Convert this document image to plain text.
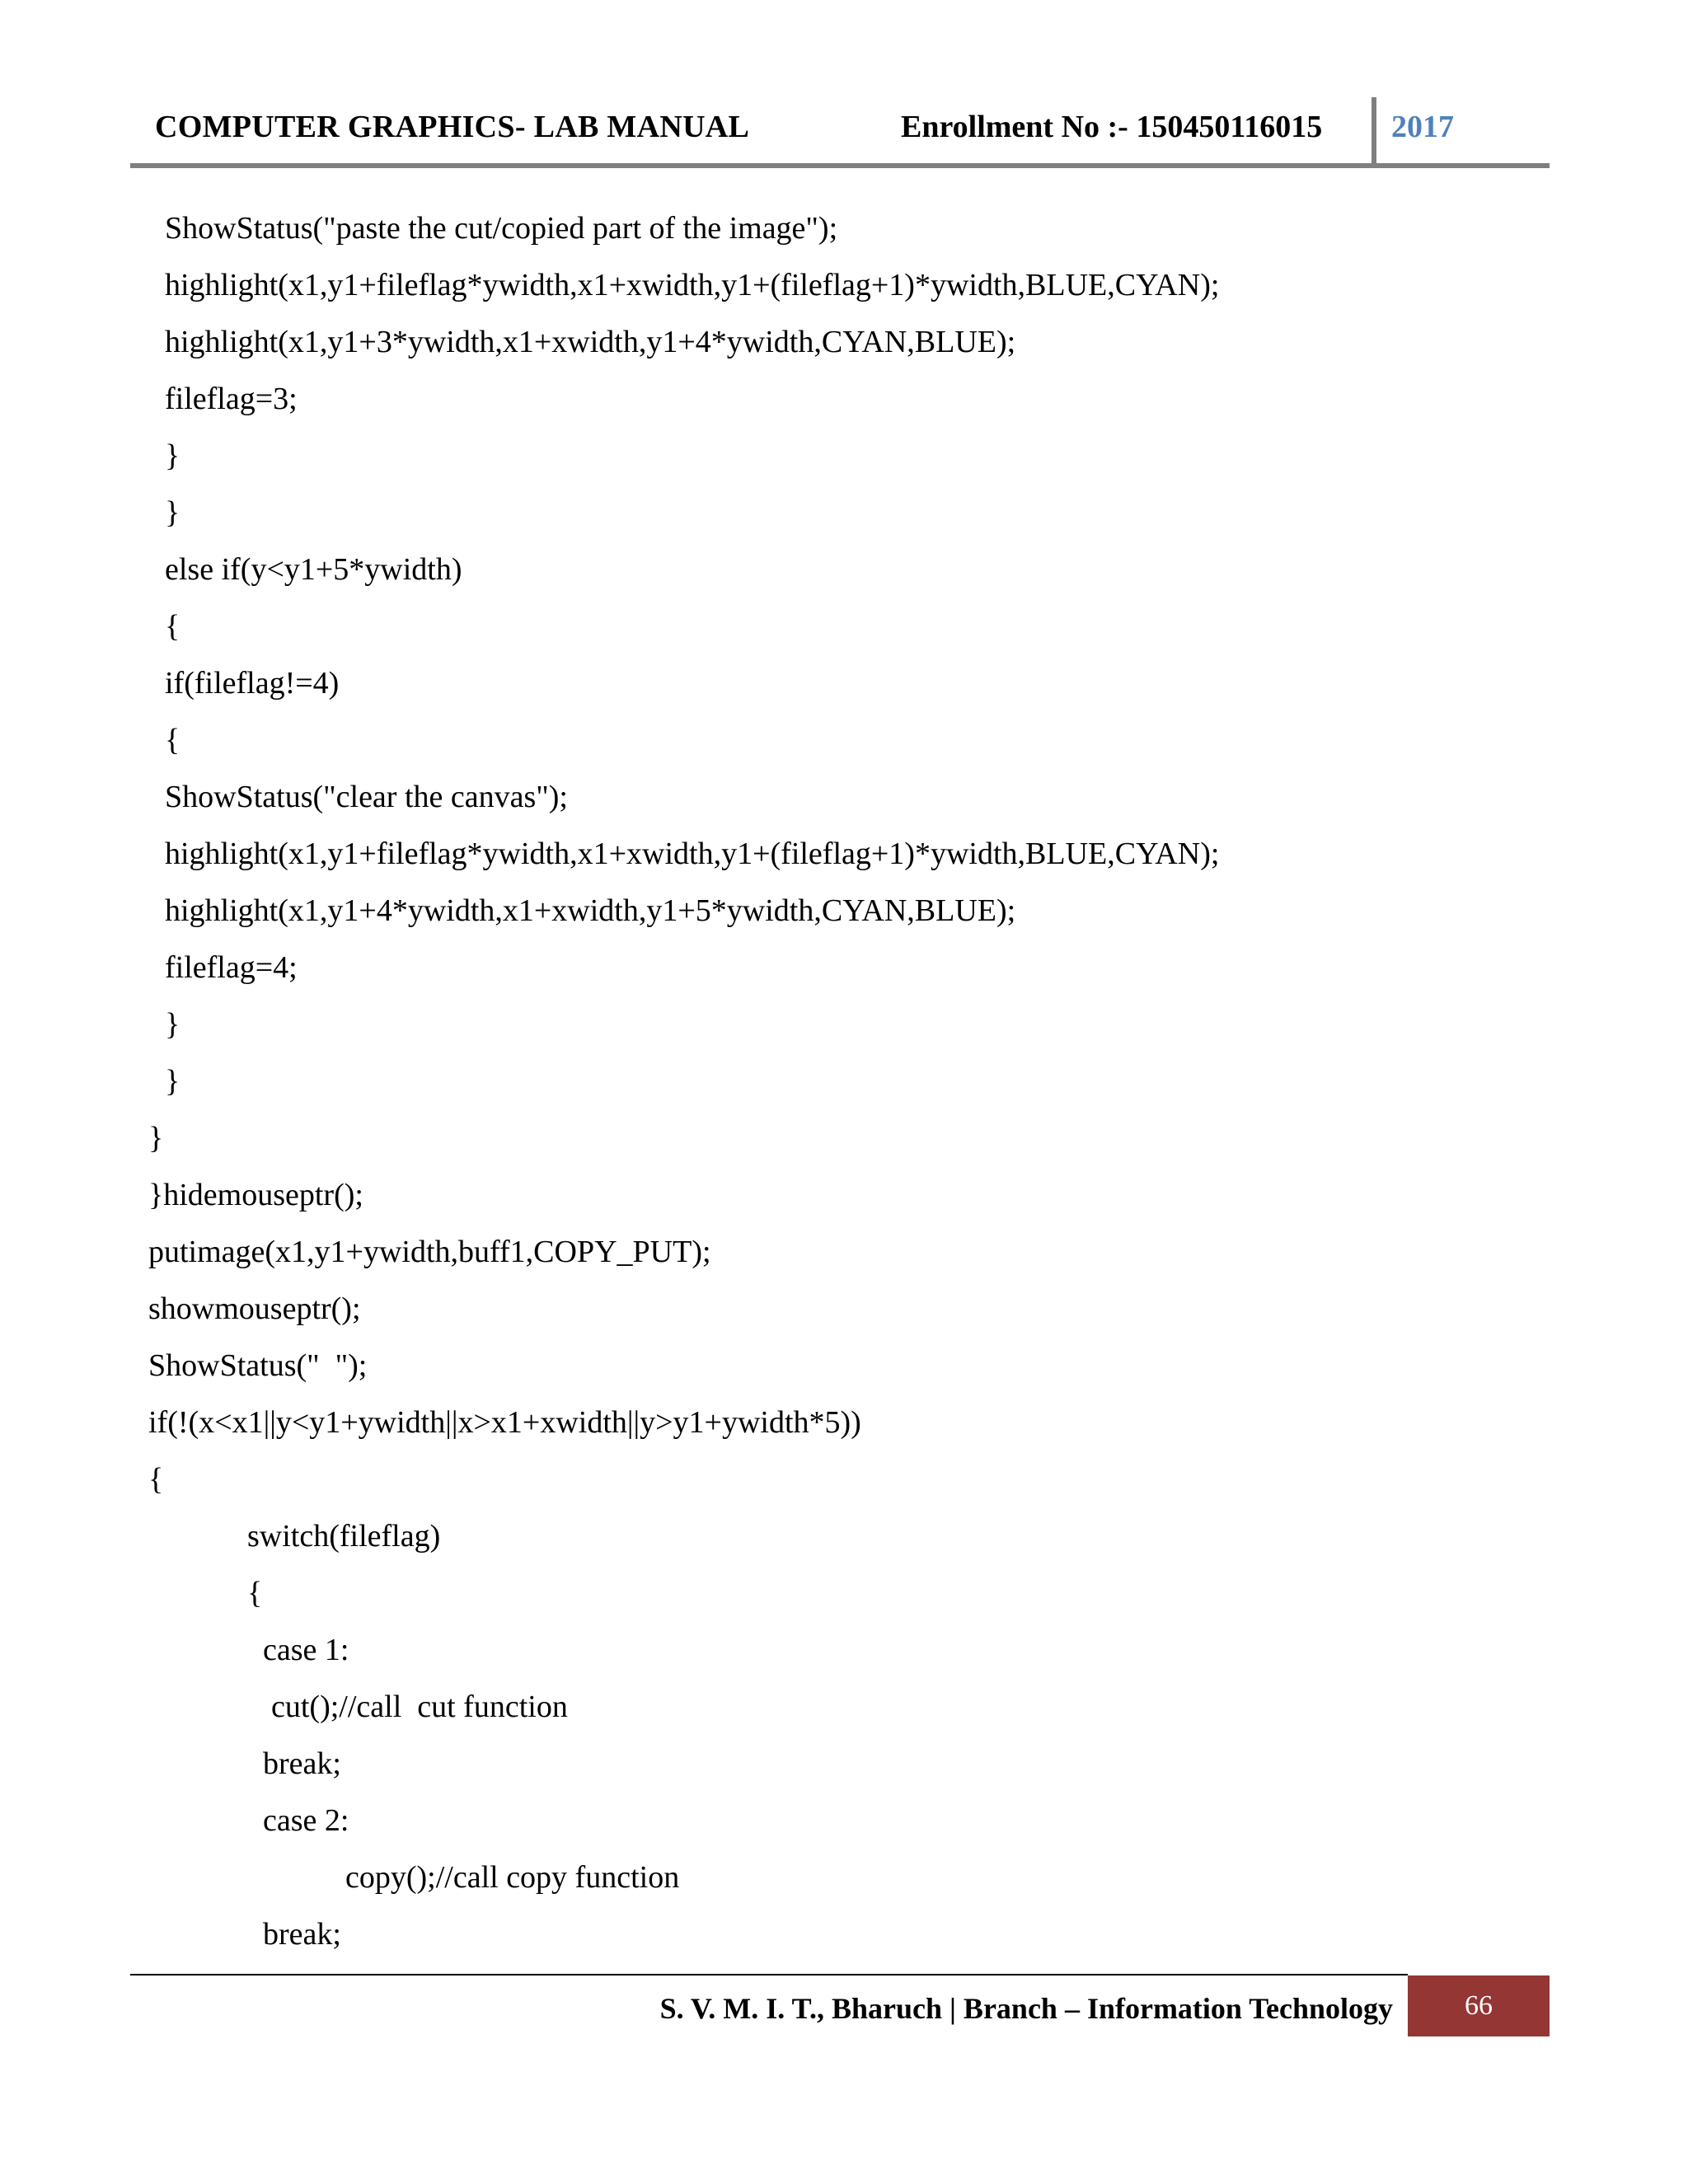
COMPUTER GRAPHICS- LAB MANUAL	Enrollment No :- 150450116015 2017
ShowStatus("paste the cut/copied part of the image");
highlight(x1,y1+fileflag*ywidth,x1+xwidth,y1+(fileflag+1)*ywidth,BLUE,CYAN);
highlight(x1,y1+3*ywidth,x1+xwidth,y1+4*ywidth,CYAN,BLUE);
fileflag=3;
}
}
else if(y<y1+5*ywidth)
{
if(fileflag!=4)
{
ShowStatus("clear the canvas");
highlight(x1,y1+fileflag*ywidth,x1+xwidth,y1+(fileflag+1)*ywidth,BLUE,CYAN);
highlight(x1,y1+4*ywidth,x1+xwidth,y1+5*ywidth,CYAN,BLUE);
fileflag=4;
}
}
}
}hidemouseptr();
putimage(x1,y1+ywidth,buff1,COPY_PUT);
showmouseptr();
ShowStatus("  ");
if(!(x<x1||y<y1+ywidth||x>x1+xwidth||y>y1+ywidth*5))
{
switch(fileflag)
{
case 1:
cut();//call  cut function
break;
case 2:
copy();//call copy function
break;
S. V. M. I. T., Bharuch | Branch – Information Technology	66
